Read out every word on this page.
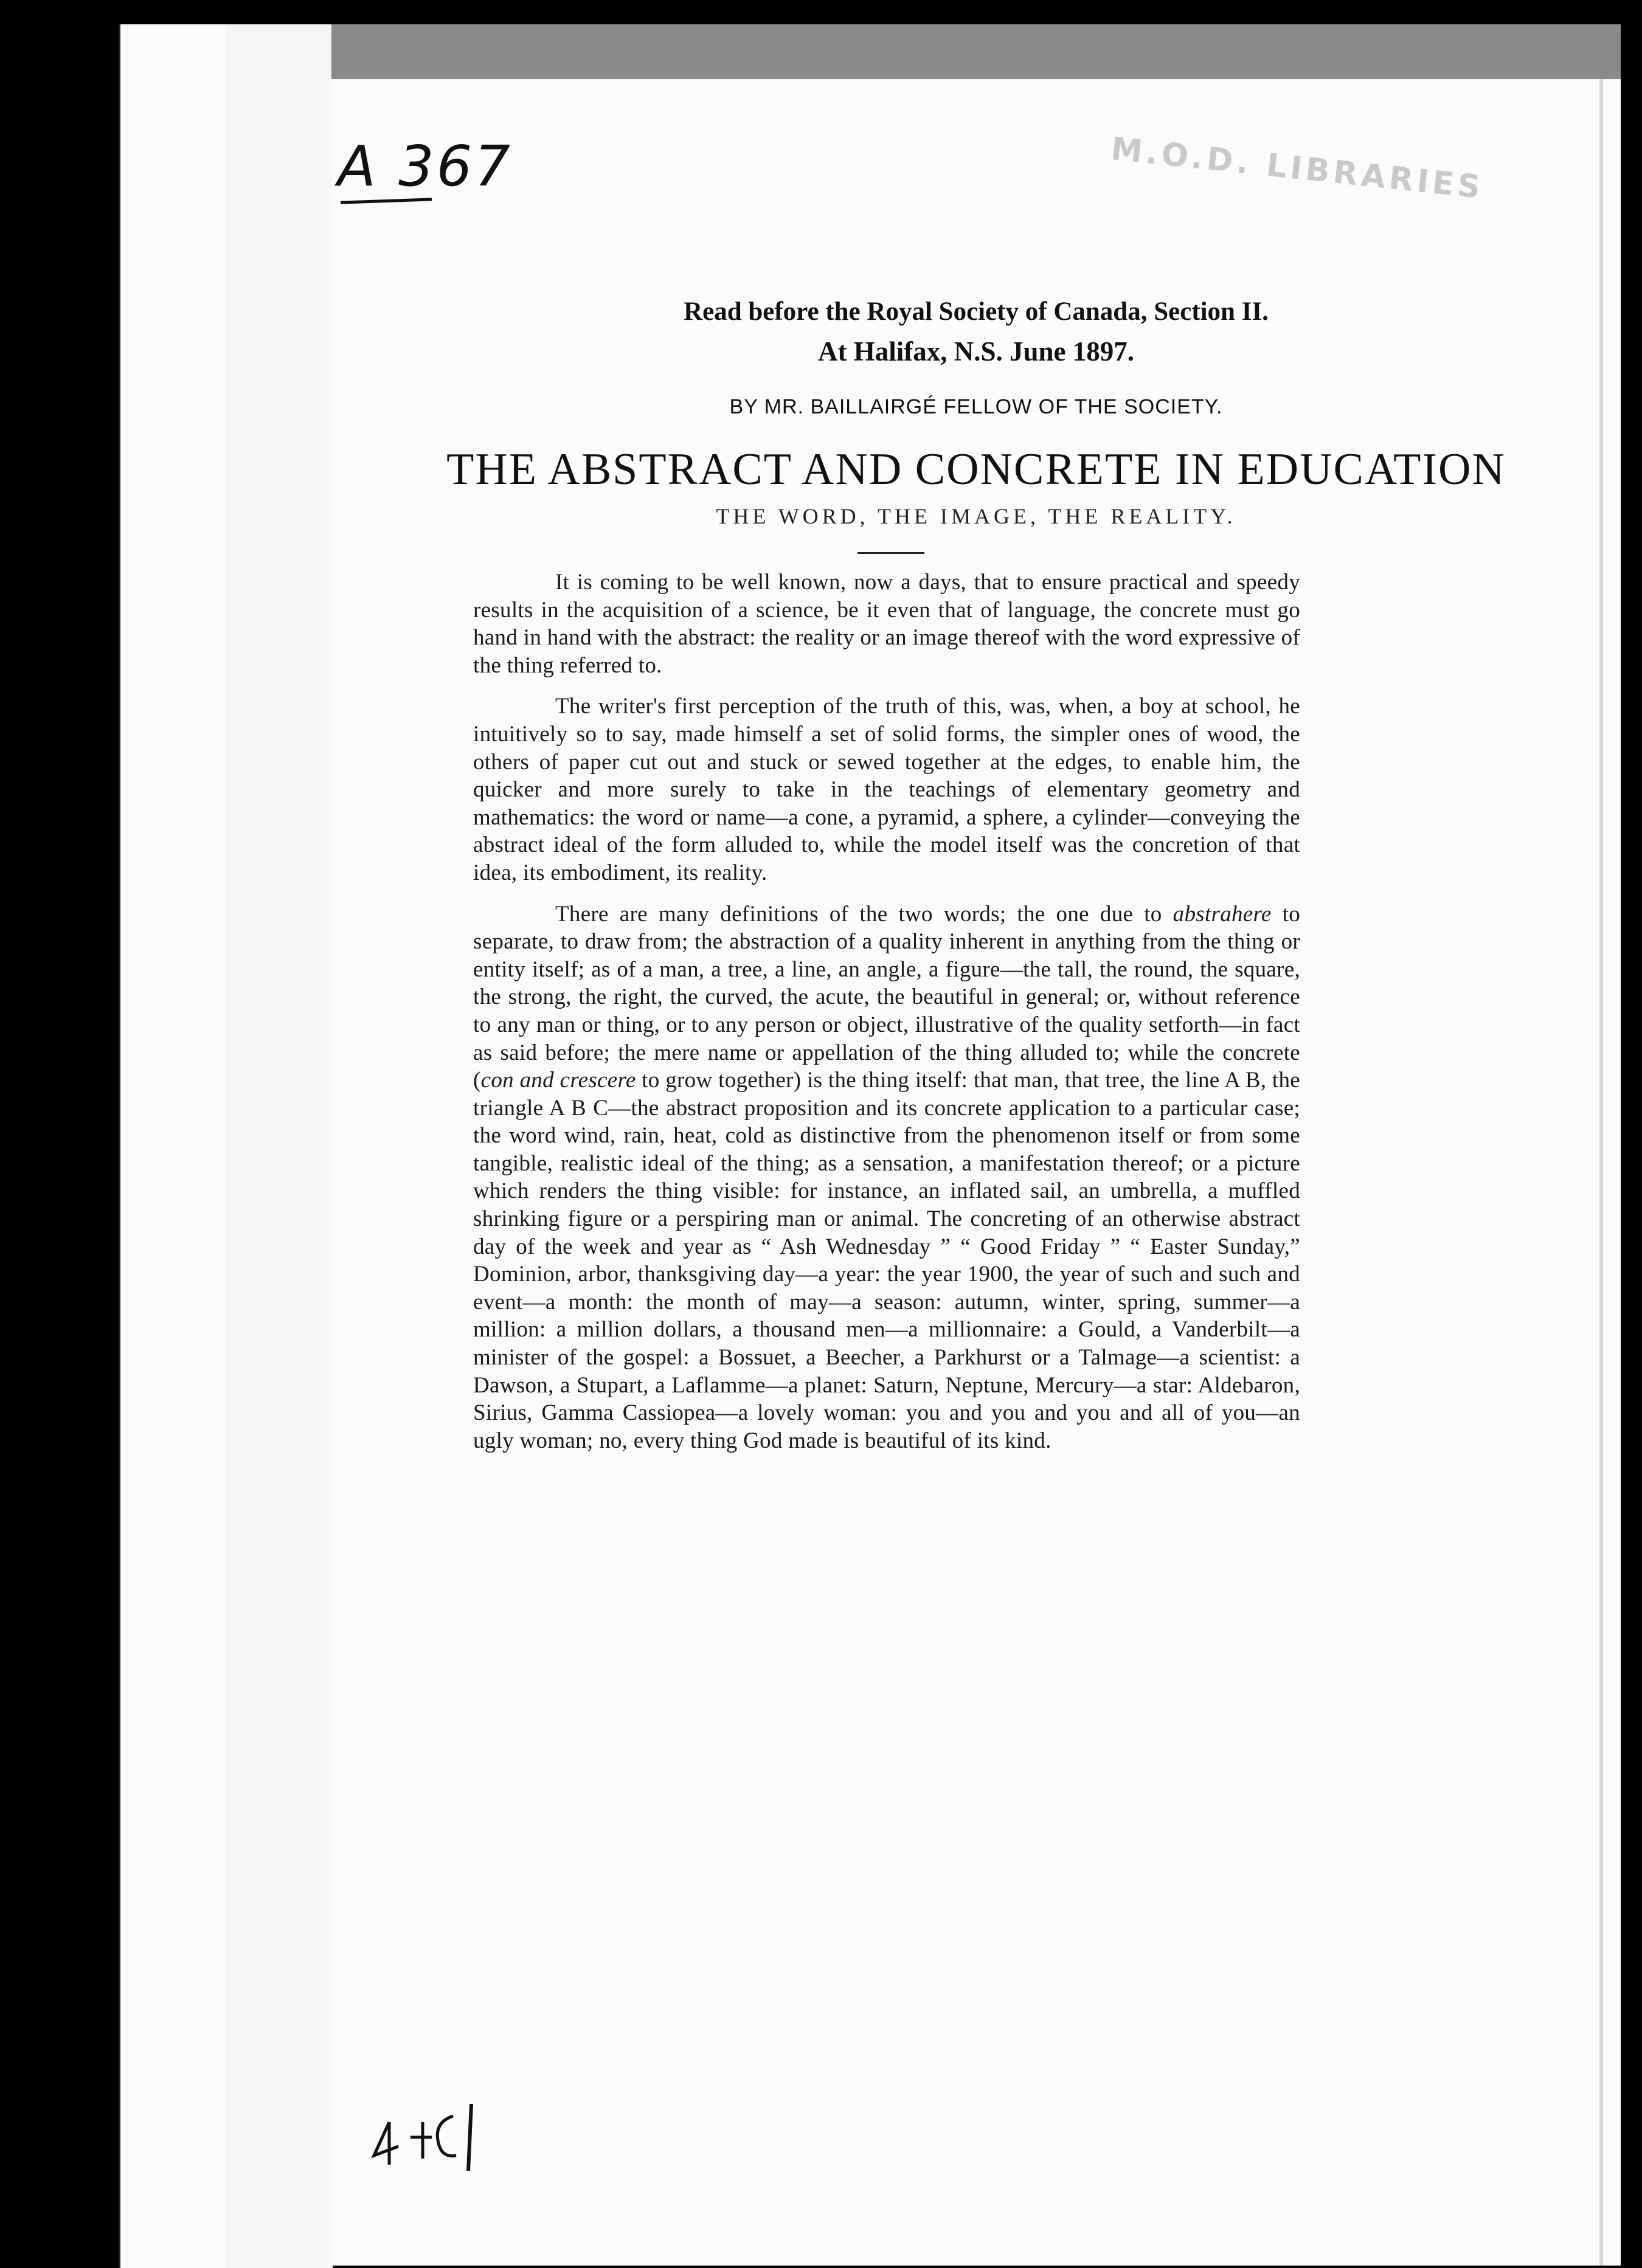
A 367	M.O.D. LIBRARIES
Read before the Royal Society of Canada, Section II.
At Halifax, N.S. June 1897.
BY MR. BAILLAIRGÉ FELLOW OF THE SOCIETY.
THE ABSTRACT AND CONCRETE IN EDUCATION
THE WORD, THE IMAGE, THE REALITY.

It is coming to be well known, now a days, that to ensure practical and speedy results in the acquisition of a science, be it even that of language, the concrete must go hand in hand with the abstract: the reality or an image thereof with the word expressive of the thing referred to.

The writer's first perception of the truth of this, was, when, a boy at school, he intuitively so to say, made himself a set of solid forms, the simpler ones of wood, the others of paper cut out and stuck or sewed together at the edges, to enable him, the quicker and more surely to take in the teachings of elementary geometry and mathematics: the word or name—a cone, a pyramid, a sphere, a cylinder—conveying the abstract ideal of the form alluded to, while the model itself was the concretion of that idea, its embodiment, its reality.

There are many definitions of the two words; the one due to abstrahere to separate, to draw from; the abstraction of a quality inherent in anything from the thing or entity itself; as of a man, a tree, a line, an angle, a figure—the tall, the round, the square, the strong, the right, the curved, the acute, the beautiful in general; or, without reference to any man or thing, or to any person or object, illustrative of the quality setforth—in fact as said before; the mere name or appellation of the thing alluded to; while the concrete (con and crescere to grow together) is the thing itself: that man, that tree, the line A B, the triangle A B C—the abstract proposition and its concrete application to a particular case; the word wind, rain, heat, cold as distinctive from the phenomenon itself or from some tangible, realistic ideal of the thing; as a sensation, a manifestation thereof; or a picture which renders the thing visible: for instance, an inflated sail, an umbrella, a muffled shrinking figure or a perspiring man or animal. The concreting of an otherwise abstract day of the week and year as “ Ash Wednesday ” “ Good Friday ” “ Easter Sunday,” Dominion, arbor, thanksgiving day—a year: the year 1900, the year of such and such and event—a month: the month of may—a season: autumn, winter, spring, summer—a million: a million dollars, a thousand men—a millionnaire: a Gould, a Vanderbilt—a minister of the gospel: a Bossuet, a Beecher, a Parkhurst or a Talmage—a scientist: a Dawson, a Stupart, a Laflamme—a planet: Saturn, Neptune, Mercury—a star: Aldebaron, Sirius, Gamma Cassiopea—a lovely woman: you and you and you and all of you—an ugly woman; no, every thing God made is beautiful of its kind.
